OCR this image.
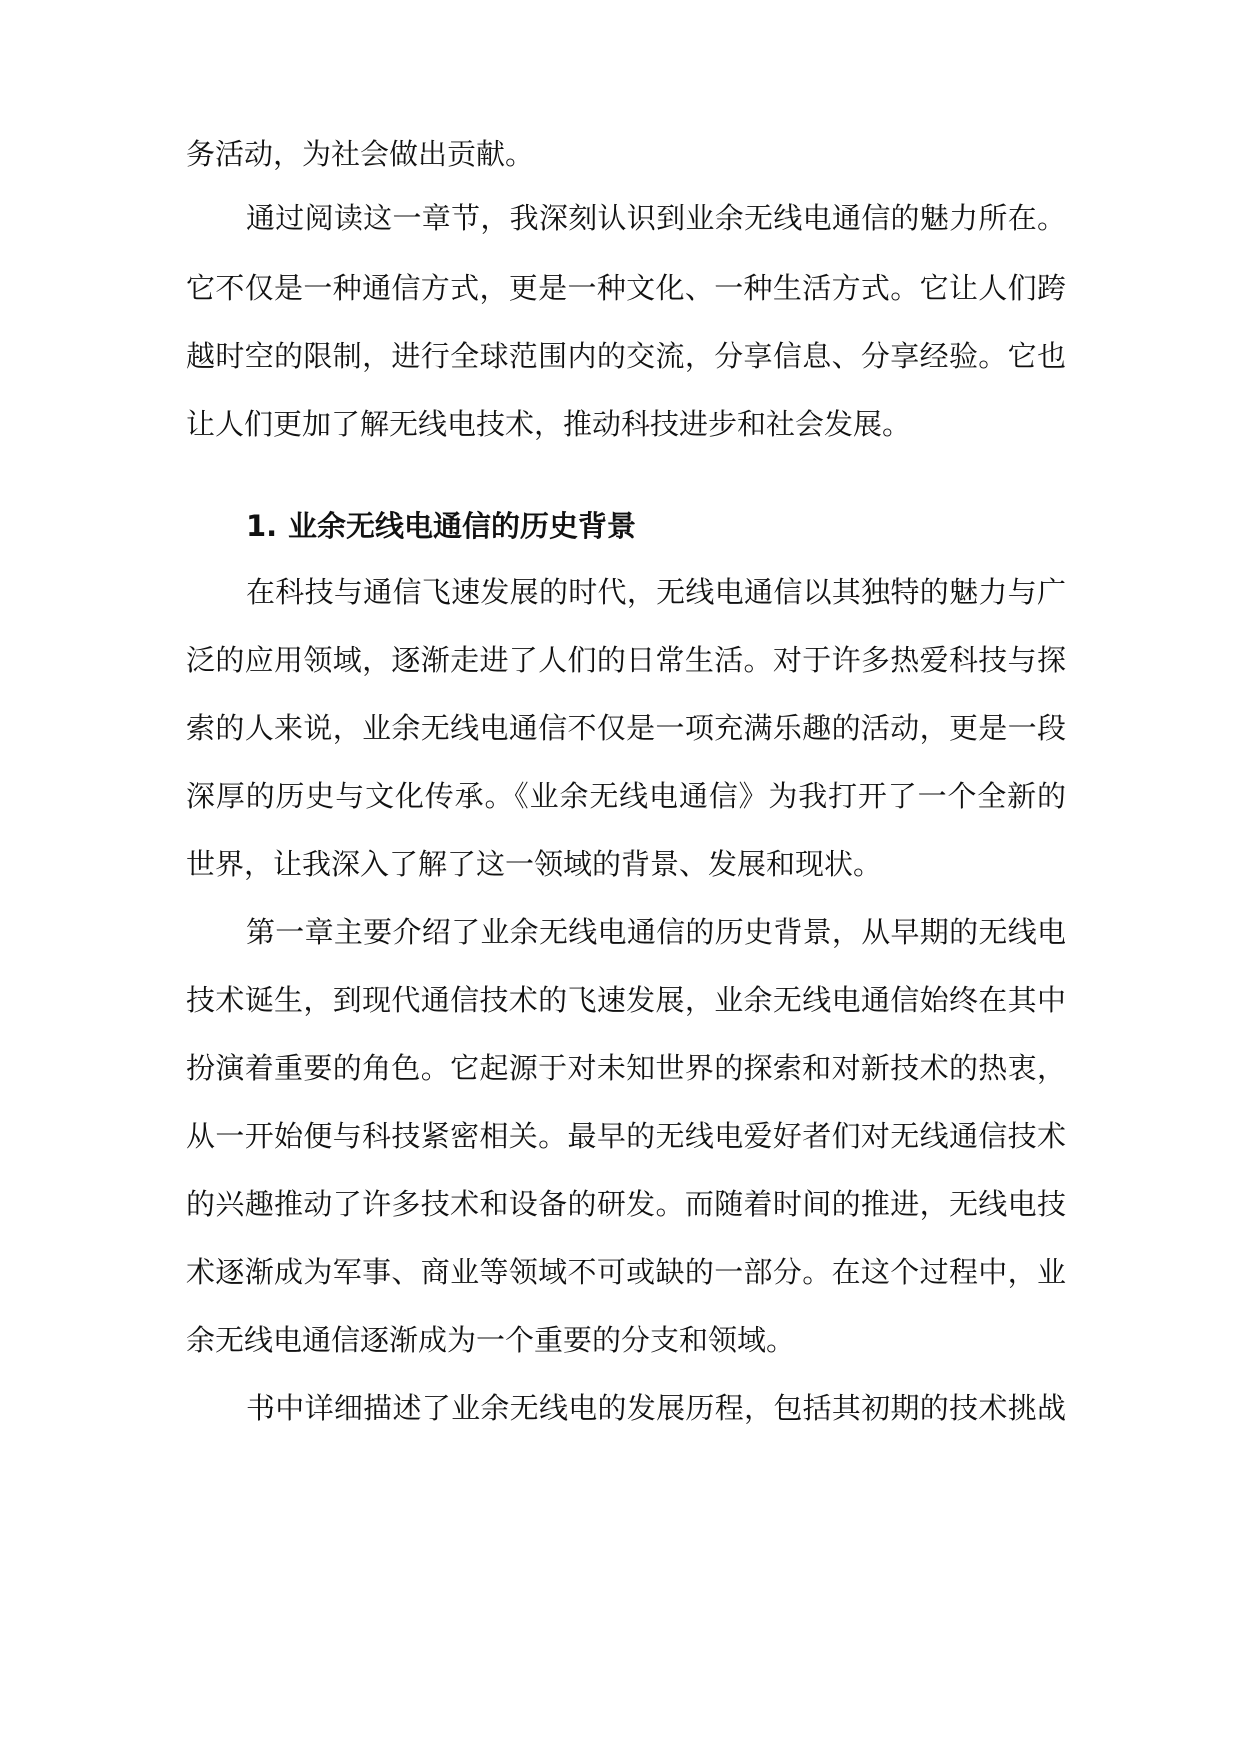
务活动，为社会做出贡献。
通过阅读这一章节，我深刻认识到业余无线电通信的魅力所在。
它不仅是一种通信方式，更是一种文化、一种生活方式。它让人们跨
越时空的限制，进行全球范围内的交流，分享信息、分享经验。它也
让人们更加了解无线电技术，推动科技进步和社会发展。
1. 业余无线电通信的历史背景
在科技与通信飞速发展的时代，无线电通信以其独特的魅力与广
泛的应用领域，逐渐走进了人们的日常生活。对于许多热爱科技与探
索的人来说，业余无线电通信不仅是一项充满乐趣的活动，更是一段
深厚的历史与文化传承。《业余无线电通信》为我打开了一个全新的
世界，让我深入了解了这一领域的背景、发展和现状。
第一章主要介绍了业余无线电通信的历史背景，从早期的无线电
技术诞生，到现代通信技术的飞速发展，业余无线电通信始终在其中
扮演着重要的角色。它起源于对未知世界的探索和对新技术的热衷，
从一开始便与科技紧密相关。最早的无线电爱好者们对无线通信技术
的兴趣推动了许多技术和设备的研发。而随着时间的推进，无线电技
术逐渐成为军事、商业等领域不可或缺的一部分。在这个过程中，业
余无线电通信逐渐成为一个重要的分支和领域。
书中详细描述了业余无线电的发展历程，包括其初期的技术挑战
